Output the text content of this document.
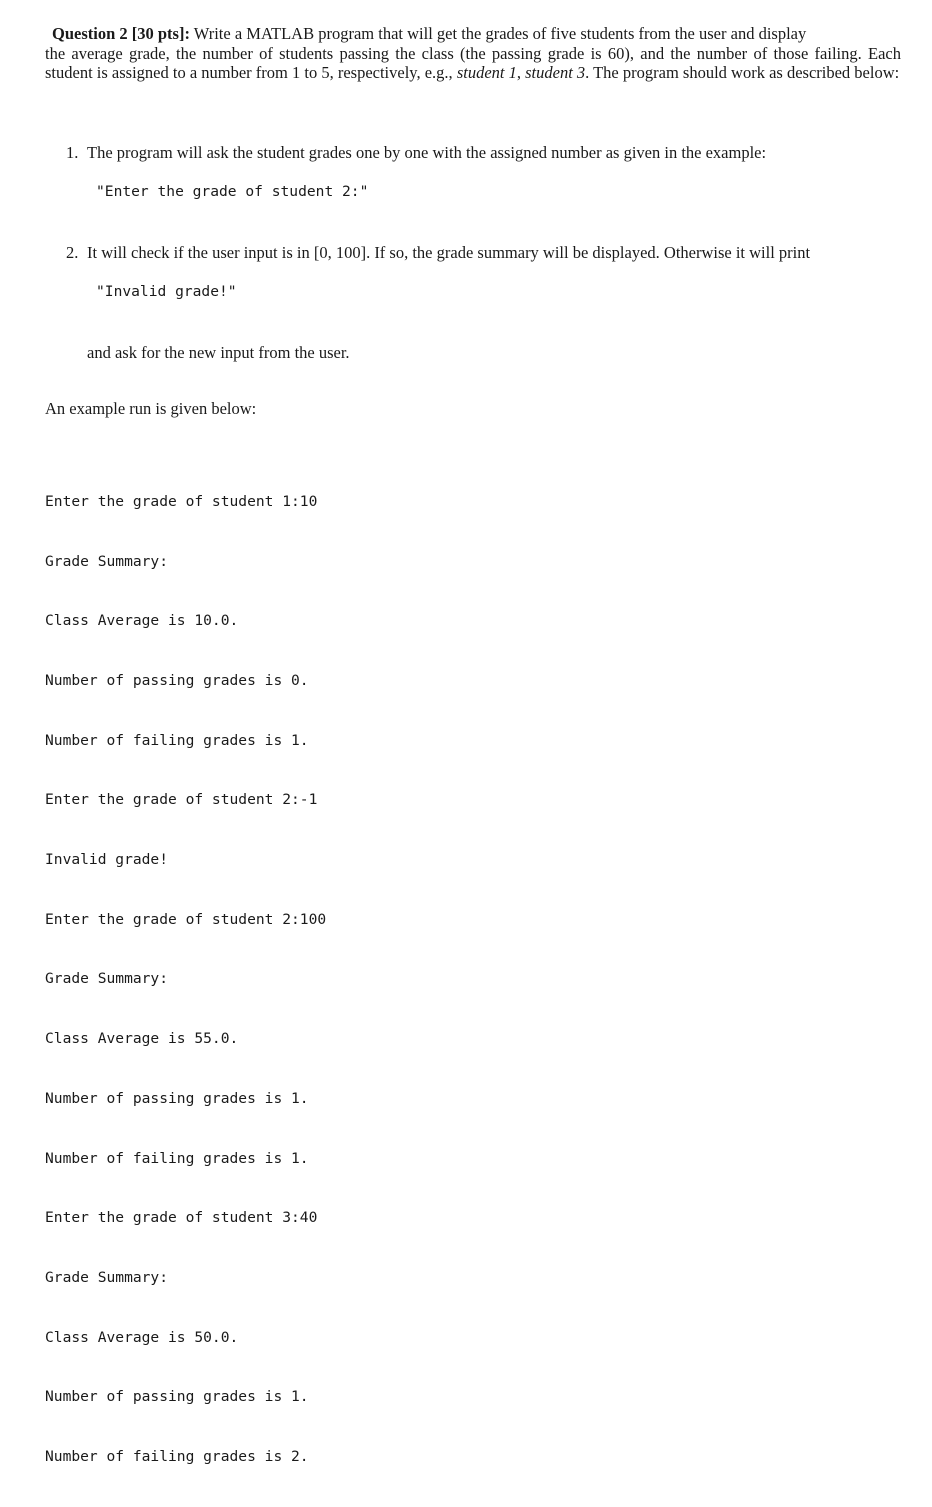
Question 2 [30 pts]: Write a MATLAB program that will get the grades of five students from the user and display
the average grade, the number of students passing the class (the passing grade is 60), and the number of those failing. Each student is assigned to a number from 1 to 5, respectively, e.g., student 1, student 3. The program should work as described below:
1. The program will ask the student grades one by one with the assigned number as given in the example:
"Enter the grade of student 2:"
2. It will check if the user input is in [0, 100]. If so, the grade summary will be displayed. Otherwise it will print
"Invalid grade!"
and ask for the new input from the user.
An example run is given below:

Enter the grade of student 1:10

Grade Summary:

Class Average is 10.0.

Number of passing grades is 0.

Number of failing grades is 1.

Enter the grade of student 2:-1

Invalid grade!

Enter the grade of student 2:100

Grade Summary:

Class Average is 55.0.

Number of passing grades is 1.

Number of failing grades is 1.

Enter the grade of student 3:40

Grade Summary:

Class Average is 50.0.

Number of passing grades is 1.

Number of failing grades is 2.
